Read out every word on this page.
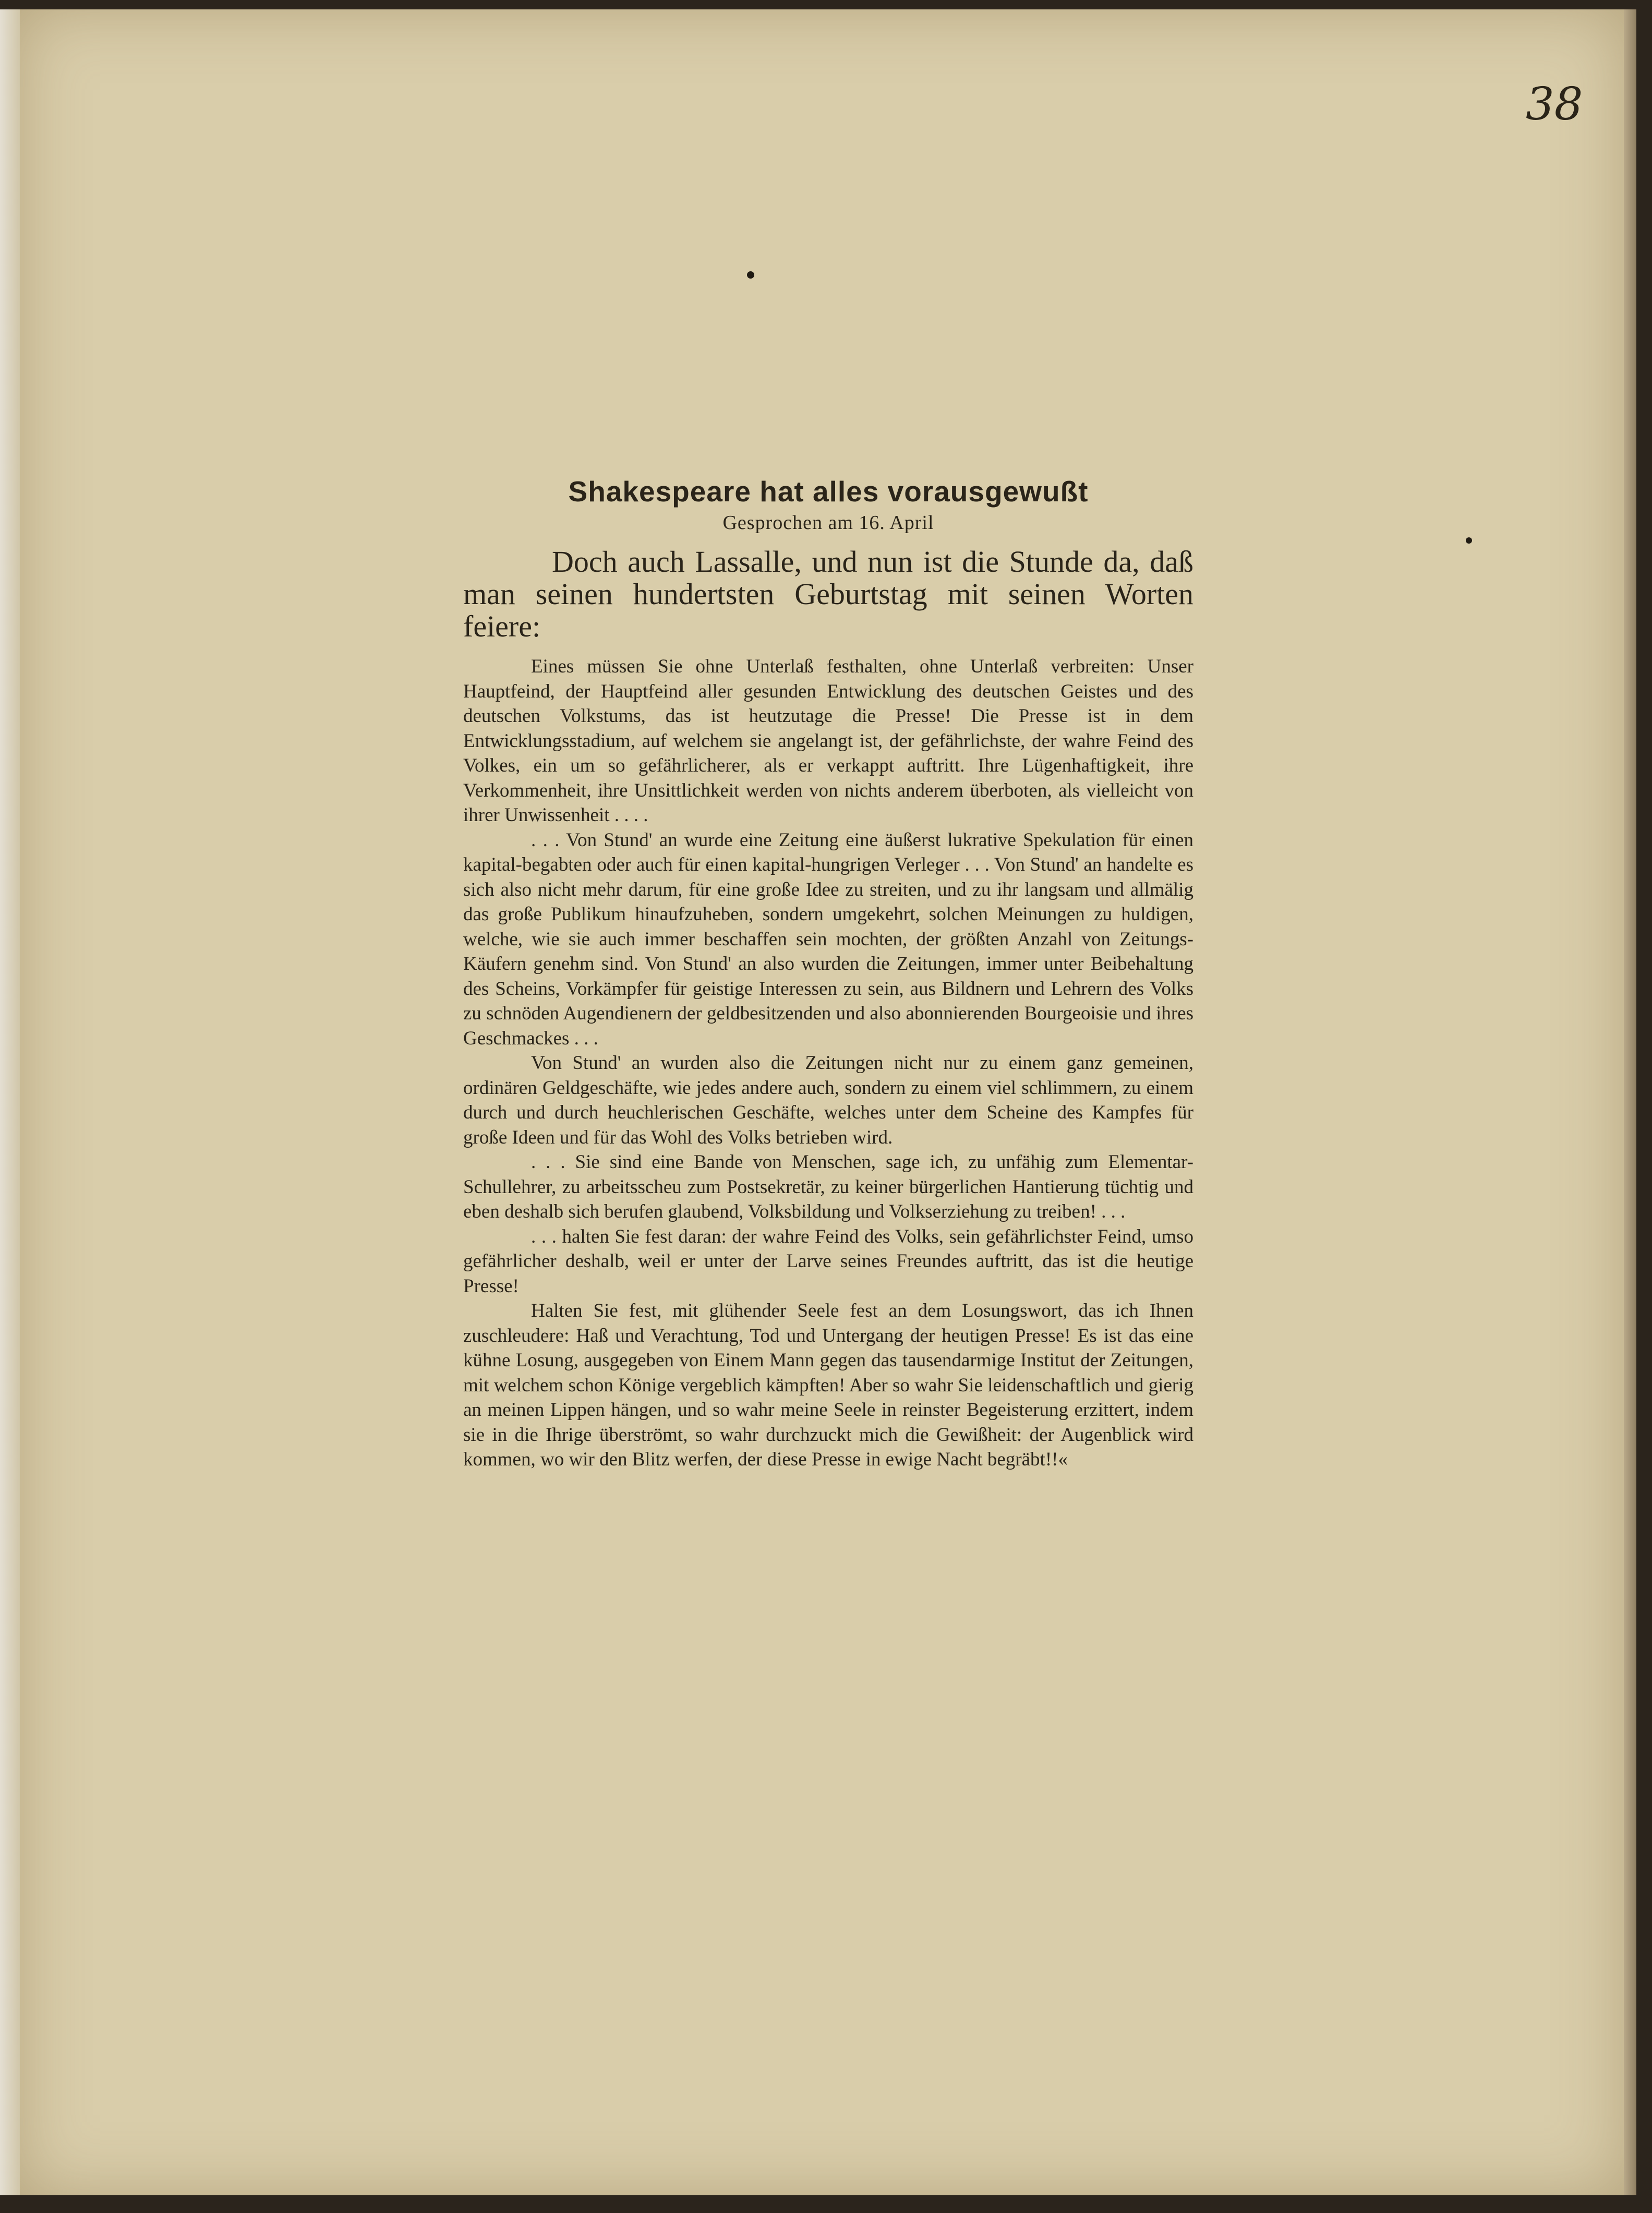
38
Shakespeare hat alles vorausgewußt
Gesprochen am 16. April

Doch auch Lassalle, und nun ist die Stunde da, daß man seinen hundertsten Geburtstag mit seinen Worten feiere:

Eines müssen Sie ohne Unterlaß festhalten, ohne Unterlaß verbreiten: Unser Hauptfeind, der Hauptfeind aller gesunden Entwicklung des deutschen Geistes und des deutschen Volkstums, das ist heutzutage die Presse! Die Presse ist in dem Entwicklungsstadium, auf welchem sie angelangt ist, der gefährlichste, der wahre Feind des Volkes, ein um so gefährlicherer, als er verkappt auftritt. Ihre Lügenhaftigkeit, ihre Verkommenheit, ihre Unsittlichkeit werden von nichts anderem überboten, als vielleicht von ihrer Unwissenheit . . . .

. . . Von Stund' an wurde eine Zeitung eine äußerst lukrative Spekulation für einen kapital-begabten oder auch für einen kapital-hungrigen Verleger . . . Von Stund' an handelte es sich also nicht mehr darum, für eine große Idee zu streiten, und zu ihr langsam und allmälig das große Publikum hinaufzuheben, sondern umgekehrt, solchen Meinungen zu huldigen, welche, wie sie auch immer beschaffen sein mochten, der größten Anzahl von Zeitungs-Käufern genehm sind. Von Stund' an also wurden die Zeitungen, immer unter Beibehaltung des Scheins, Vorkämpfer für geistige Interessen zu sein, aus Bildnern und Lehrern des Volks zu schnöden Augendienern der geldbesitzenden und also abonnierenden Bourgeoisie und ihres Geschmackes . . .

Von Stund' an wurden also die Zeitungen nicht nur zu einem ganz gemeinen, ordinären Geldgeschäfte, wie jedes andere auch, sondern zu einem viel schlimmern, zu einem durch und durch heuchlerischen Geschäfte, welches unter dem Scheine des Kampfes für große Ideen und für das Wohl des Volks betrieben wird.

. . . Sie sind eine Bande von Menschen, sage ich, zu unfähig zum Elementar-Schullehrer, zu arbeitsscheu zum Postsekretär, zu keiner bürgerlichen Hantierung tüchtig und eben deshalb sich berufen glaubend, Volksbildung und Volkserziehung zu treiben! . . .

. . . halten Sie fest daran: der wahre Feind des Volks, sein gefährlichster Feind, umso gefährlicher deshalb, weil er unter der Larve seines Freundes auftritt, das ist die heutige Presse!

Halten Sie fest, mit glühender Seele fest an dem Losungswort, das ich Ihnen zuschleudere: Haß und Verachtung, Tod und Untergang der heutigen Presse! Es ist das eine kühne Losung, ausgegeben von Einem Mann gegen das tausendarmige Institut der Zeitungen, mit welchem schon Könige vergeblich kämpften! Aber so wahr Sie leidenschaftlich und gierig an meinen Lippen hängen, und so wahr meine Seele in reinster Begeisterung erzittert, indem sie in die Ihrige überströmt, so wahr durchzuckt mich die Gewißheit: der Augenblick wird kommen, wo wir den Blitz werfen, der diese Presse in ewige Nacht begräbt!!«
